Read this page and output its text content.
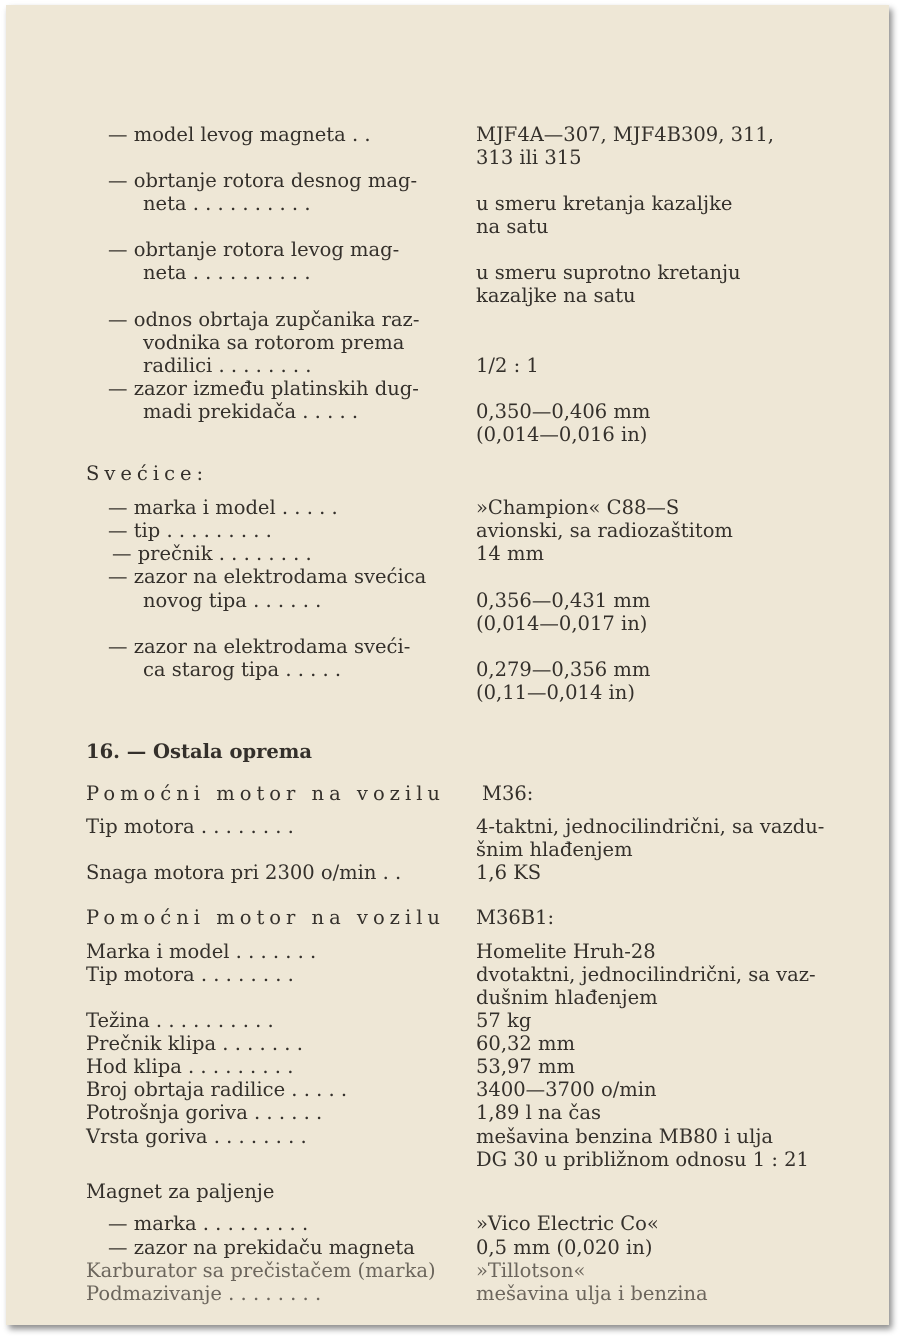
— model levog magneta . .	MJF4A—307, MJF4B309, 311,
313 ili 315
— obrtanje rotora desnog mag-
neta . . . . . . . . . .	u smeru kretanja kazaljke
na satu
— obrtanje rotora levog mag-
neta . . . . . . . . . .	u smeru suprotno kretanju
kazaljke na satu
— odnos obrtaja zupčanika raz-
vodnika sa rotorom prema
radilici . . . . . . . .	1/2 : 1
— zazor između platinskih dug-
madi prekidača . . . . .	0,350—0,406 mm
(0,014—0,016 in)
Svećice:
— marka i model . . . . .	»Champion« C88—S
— tip . . . . . . . . .	avionski, sa radiozaštitom
— prečnik . . . . . . . .	14 mm
— zazor na elektrodama svećica
novog tipa . . . . . .	0,356—0,431 mm
(0,014—0,017 in)
— zazor na elektrodama sveći-
ca starog tipa . . . . .	0,279—0,356 mm
(0,11—0,014 in)
16. — Ostala oprema
Pomoćni motor na vozilu M36:
Tip motora . . . . . . . .	4-taktni, jednocilindrični, sa vazdu-
šnim hlađenjem
Snaga motora pri 2300 o/min . .	1,6 KS
Pomoćni motor na vozilu M36B1:
Marka i model . . . . . . .	Homelite Hruh-28
Tip motora . . . . . . . .	dvotaktni, jednocilindrični, sa vaz-
dušnim hlađenjem
Težina . . . . . . . . . .	57 kg
Prečnik klipa . . . . . . .	60,32 mm
Hod klipa . . . . . . . . .	53,97 mm
Broj obrtaja radilice . . . . .	3400—3700 o/min
Potrošnja goriva . . . . . .	1,89 l na čas
Vrsta goriva . . . . . . . .	mešavina benzina MB80 i ulja
DG 30 u približnom odnosu 1 : 21
Magnet za paljenje
— marka . . . . . . . . .	»Vico Electric Co«
— zazor na prekidaču magneta	0,5 mm (0,020 in)
Karburator sa prečistačem (marka) »Tillotson«
Podmazivanje . . . . . . . .	mešavina ulja i benzina
